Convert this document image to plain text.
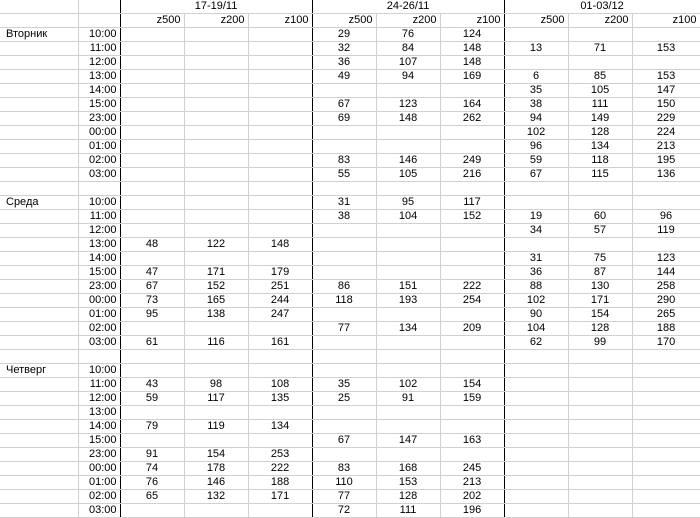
		17-19/11			24-26/11			01-03/12		
		z500	z200	z100	z500	z200	z100	z500	z200	z100
Вторник	10:00				29	76	124			
	11:00				32	84	148	13	71	153
	12:00				36	107	148			
	13:00				49	94	169	6	85	153
	14:00							35	105	147
	15:00				67	123	164	38	111	150
	23:00				69	148	262	94	149	229
	00:00							102	128	224
	01:00							96	134	213
	02:00				83	146	249	59	118	195
	03:00				55	105	216	67	115	136

Среда	10:00				31	95	117			
	11:00				38	104	152	19	60	96
	12:00							34	57	119
	13:00	48	122	148						
	14:00							31	75	123
	15:00	47	171	179				36	87	144
	23:00	67	152	251	86	151	222	88	130	258
	00:00	73	165	244	118	193	254	102	171	290
	01:00	95	138	247				90	154	265
	02:00				77	134	209	104	128	188
	03:00	61	116	161				62	99	170

Четверг	10:00									
	11:00	43	98	108	35	102	154			
	12:00	59	117	135	25	91	159			
	13:00									
	14:00	79	119	134						
	15:00				67	147	163			
	23:00	91	154	253						
	00:00	74	178	222	83	168	245			
	01:00	76	146	188	110	153	213			
	02:00	65	132	171	77	128	202			
	03:00				72	111	196			
